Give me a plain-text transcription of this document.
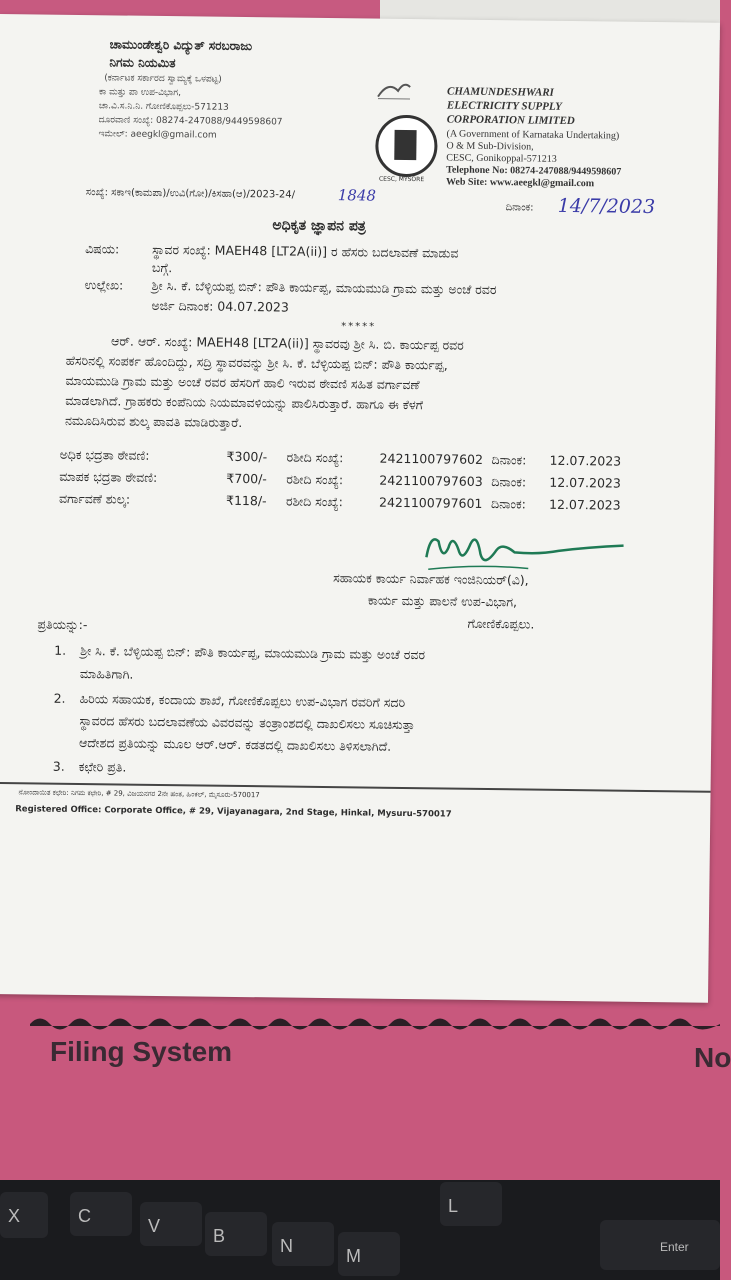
Filing System	No
X	C	V	B	N	M
L
Enter
ಚಾಮುಂಡೇಶ್ವರಿ ವಿದ್ಯುತ್ ಸರಬರಾಜು
ನಿಗಮ ನಿಯಮಿತ
(ಕರ್ನಾಟಕ ಸರ್ಕಾರದ ಸ್ವಾಮ್ಯಕ್ಕೆ ಒಳಪಟ್ಟ)
ಕಾ ಮತ್ತು ಪಾ ಉಪ-ವಿಭಾಗ,
ಚಾ.ವಿ.ಸ.ನಿ.ನಿ. ಗೋಣಿಕೊಪ್ಪಲು-571213
ದೂರವಾಣಿ ಸಂಖ್ಯೆ: 08274-247088/9449598607
ಇಮೇಲ್: aeegkl@gmail.com
CESC, MYSORE
CHAMUNDESHWARI
ELECTRICITY SUPPLY
CORPORATION LIMITED
(A Government of Karnataka Undertaking)
O & M Sub-Division,
CESC, Gonikoppal-571213
Telephone No: 08274-247088/9449598607
Web Site: www.aeegkl@gmail.com
ಸಂಖ್ಯೆ: ಸಕಾಇ(ಕಾಮಪಾ)/ಉವಿ(ಗೋ)/ಕಿಸಹಾ(ಆ)/2023-24/	1848
ದಿನಾಂಕ: 14/7/2023
ಅಧಿಕೃತ ಜ್ಞಾಪನ ಪತ್ರ
ವಿಷಯ:	ಸ್ಥಾವರ ಸಂಖ್ಯೆ: MAEH48 [LT2A(ii)] ರ ಹೆಸರು ಬದಲಾವಣೆ ಮಾಡುವ
ಬಗ್ಗೆ.
ಉಲ್ಲೇಖ: ಶ್ರೀ ಸಿ. ಕೆ. ಬೆಳ್ಳಿಯಪ್ಪ ಬಿನ್: ಪೌತಿ ಕಾರ್ಯಪ್ಪ, ಮಾಯಮುಡಿ ಗ್ರಾಮ ಮತ್ತು ಅಂಚೆ ರವರ
ಅರ್ಜಿ ದಿನಾಂಕ: 04.07.2023
*****
ಆರ್. ಆರ್. ಸಂಖ್ಯೆ: MAEH48 [LT2A(ii)] ಸ್ಥಾವರವು ಶ್ರೀ ಸಿ. ಬಿ. ಕಾರ್ಯಪ್ಪ ರವರ
ಹೆಸರಿನಲ್ಲಿ ಸಂಪರ್ಕ ಹೊಂದಿದ್ದು, ಸದ್ರಿ ಸ್ಥಾವರವನ್ನು ಶ್ರೀ ಸಿ. ಕೆ. ಬೆಳ್ಳಿಯಪ್ಪ ಬಿನ್: ಪೌತಿ ಕಾರ್ಯಪ್ಪ,
ಮಾಯಮುಡಿ ಗ್ರಾಮ ಮತ್ತು ಅಂಚೆ ರವರ ಹೆಸರಿಗೆ ಹಾಲಿ ಇರುವ ಠೇವಣಿ ಸಹಿತ ವರ್ಗಾವಣೆ
ಮಾಡಲಾಗಿದೆ. ಗ್ರಾಹಕರು ಕಂಪೆನಿಯ ನಿಯಮಾವಳಿಯನ್ನು ಪಾಲಿಸಿರುತ್ತಾರೆ. ಹಾಗೂ ಈ ಕೆಳಗೆ
ನಮೂದಿಸಿರುವ ಶುಲ್ಕ ಪಾವತಿ ಮಾಡಿರುತ್ತಾರೆ.
ಅಧಿಕ ಭದ್ರತಾ ಠೇವಣಿ:	₹300/- ರಶೀದಿ ಸಂಖ್ಯೆ:	2421100797602 ದಿನಾಂಕ: 12.07.2023
ಮಾಪಕ ಭದ್ರತಾ ಠೇವಣಿ:	₹700/- ರಶೀದಿ ಸಂಖ್ಯೆ:	2421100797603 ದಿನಾಂಕ: 12.07.2023
ವರ್ಗಾವಣೆ ಶುಲ್ಕ:	₹118/- ರಶೀದಿ ಸಂಖ್ಯೆ:	2421100797601 ದಿನಾಂಕ: 12.07.2023
ಸಹಾಯಕ ಕಾರ್ಯ ನಿರ್ವಾಹಕ ಇಂಜಿನಿಯರ್(ವಿ),
ಕಾರ್ಯ ಮತ್ತು ಪಾಲನೆ ಉಪ-ವಿಭಾಗ,
ಗೋಣಿಕೊಪ್ಪಲು.
ಪ್ರತಿಯನ್ನು:-
1. ಶ್ರೀ ಸಿ. ಕೆ. ಬೆಳ್ಳಿಯಪ್ಪ ಬಿನ್: ಪೌತಿ ಕಾರ್ಯಪ್ಪ, ಮಾಯಮುಡಿ ಗ್ರಾಮ ಮತ್ತು ಅಂಚೆ ರವರ
ಮಾಹಿತಿಗಾಗಿ.
2. ಹಿರಿಯ ಸಹಾಯಕ, ಕಂದಾಯ ಶಾಖೆ, ಗೋಣಿಕೊಪ್ಪಲು ಉಪ-ವಿಭಾಗ ರವರಿಗೆ ಸದರಿ
ಸ್ಥಾವರದ ಹೆಸರು ಬದಲಾವಣೆಯ ವಿವರವನ್ನು ತಂತ್ರಾಂಶದಲ್ಲಿ ದಾಖಲಿಸಲು ಸೂಚಿಸುತ್ತಾ
ಆದೇಶದ ಪ್ರತಿಯನ್ನು ಮೂಲ ಆರ್.ಆರ್. ಕಡತದಲ್ಲಿ ದಾಖಲಿಸಲು ತಿಳಿಸಲಾಗಿದೆ.
3. ಕಛೇರಿ ಪ್ರತಿ.
ನೋಂದಾಯಿತ ಕಛೇರಿ: ನಿಗಮ ಕಛೇರಿ, # 29, ವಿಜಯನಗರ 2ನೇ ಹಂತ, ಹಿಂಕಲ್, ಮೈಸೂರು-570017
Registered Office: Corporate Office, # 29, Vijayanagara, 2nd Stage, Hinkal, Mysuru-570017
